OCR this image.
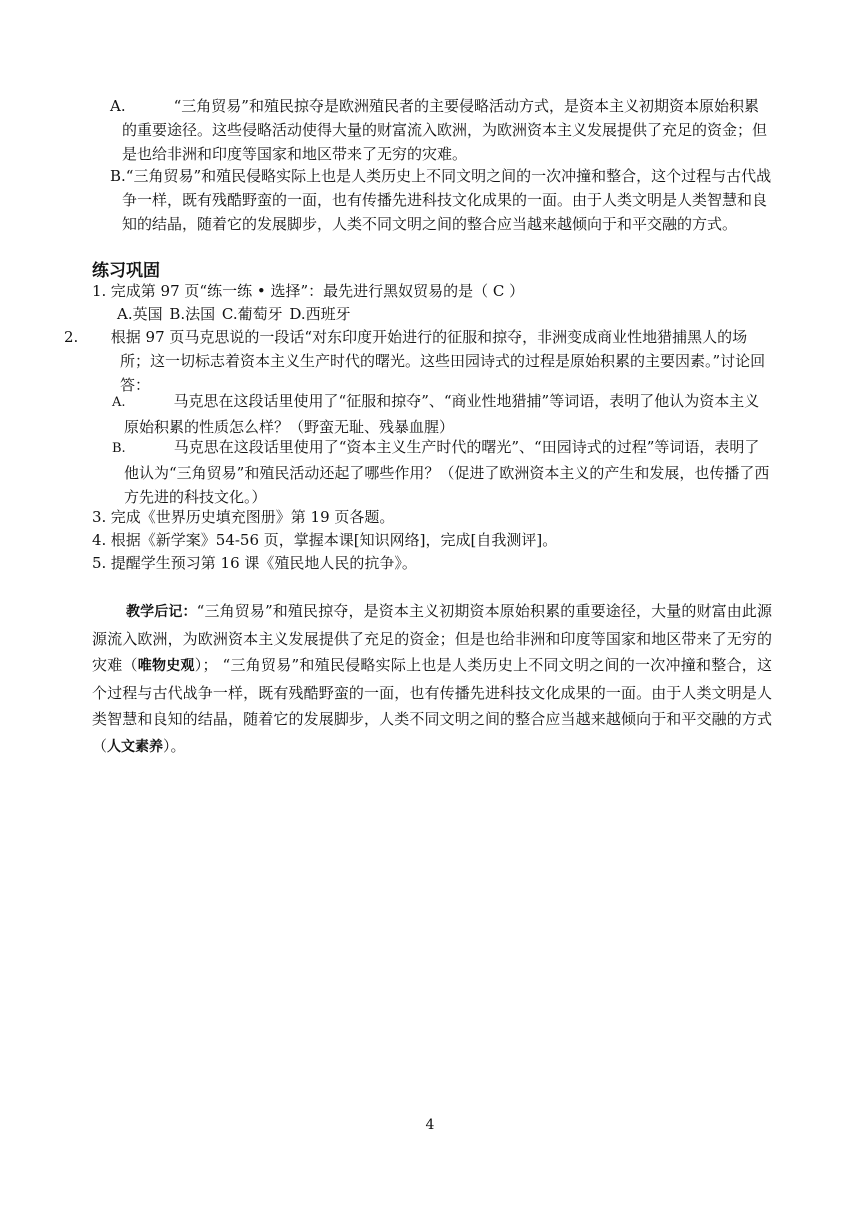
A.	“三角贸易”和殖民掠夺是欧洲殖民者的主要侵略活动方式，是资本主义初期资本原始积累的重要途径。这些侵略活动使得大量的财富流入欧洲，为欧洲资本主义发展提供了充足的资金；但是也给非洲和印度等国家和地区带来了无穷的灾难。

B.“三角贸易”和殖民侵略实际上也是人类历史上不同文明之间的一次冲撞和整合，这个过程与古代战争一样，既有残酷野蛮的一面，也有传播先进科技文化成果的一面。由于人类文明是人类智慧和良知的结晶，随着它的发展脚步，人类不同文明之间的整合应当越来越倾向于和平交融的方式。

练习巩固

1. 完成第 97 页“练一练 • 选择”：最先进行黑奴贸易的是（ C ）

A.英国 B.法国 C.葡萄牙 D.西班牙

2. 根据 97 页马克思说的一段话“对东印度开始进行的征服和掠夺，非洲变成商业性地猎捕黑人的场所；这一切标志着资本主义生产时代的曙光。这些田园诗式的过程是原始积累的主要因素。”讨论回答：

A.	马克思在这段话里使用了“征服和掠夺”、“商业性地猎捕”等词语，表明了他认为资本主义原始积累的性质怎么样？（野蛮无耻、残暴血腥）

B.	马克思在这段话里使用了“资本主义生产时代的曙光”、“田园诗式的过程”等词语，表明了他认为“三角贸易”和殖民活动还起了哪些作用？（促进了欧洲资本主义的产生和发展，也传播了西方先进的科技文化。）

3. 完成《世界历史填充图册》第 19 页各题。

4. 根据《新学案》54-56 页，掌握本课[知识网络]，完成[自我测评]。

5. 提醒学生预习第 16 课《殖民地人民的抗争》。

教学后记：“三角贸易”和殖民掠夺，是资本主义初期资本原始积累的重要途径，大量的财富由此源源流入欧洲，为欧洲资本主义发展提供了充足的资金；但是也给非洲和印度等国家和地区带来了无穷的灾难（唯物史观）； “三角贸易”和殖民侵略实际上也是人类历史上不同文明之间的一次冲撞和整合，这个过程与古代战争一样，既有残酷野蛮的一面，也有传播先进科技文化成果的一面。由于人类文明是人类智慧和良知的结晶，随着它的发展脚步，人类不同文明之间的整合应当越来越倾向于和平交融的方式（人文素养）。

4
